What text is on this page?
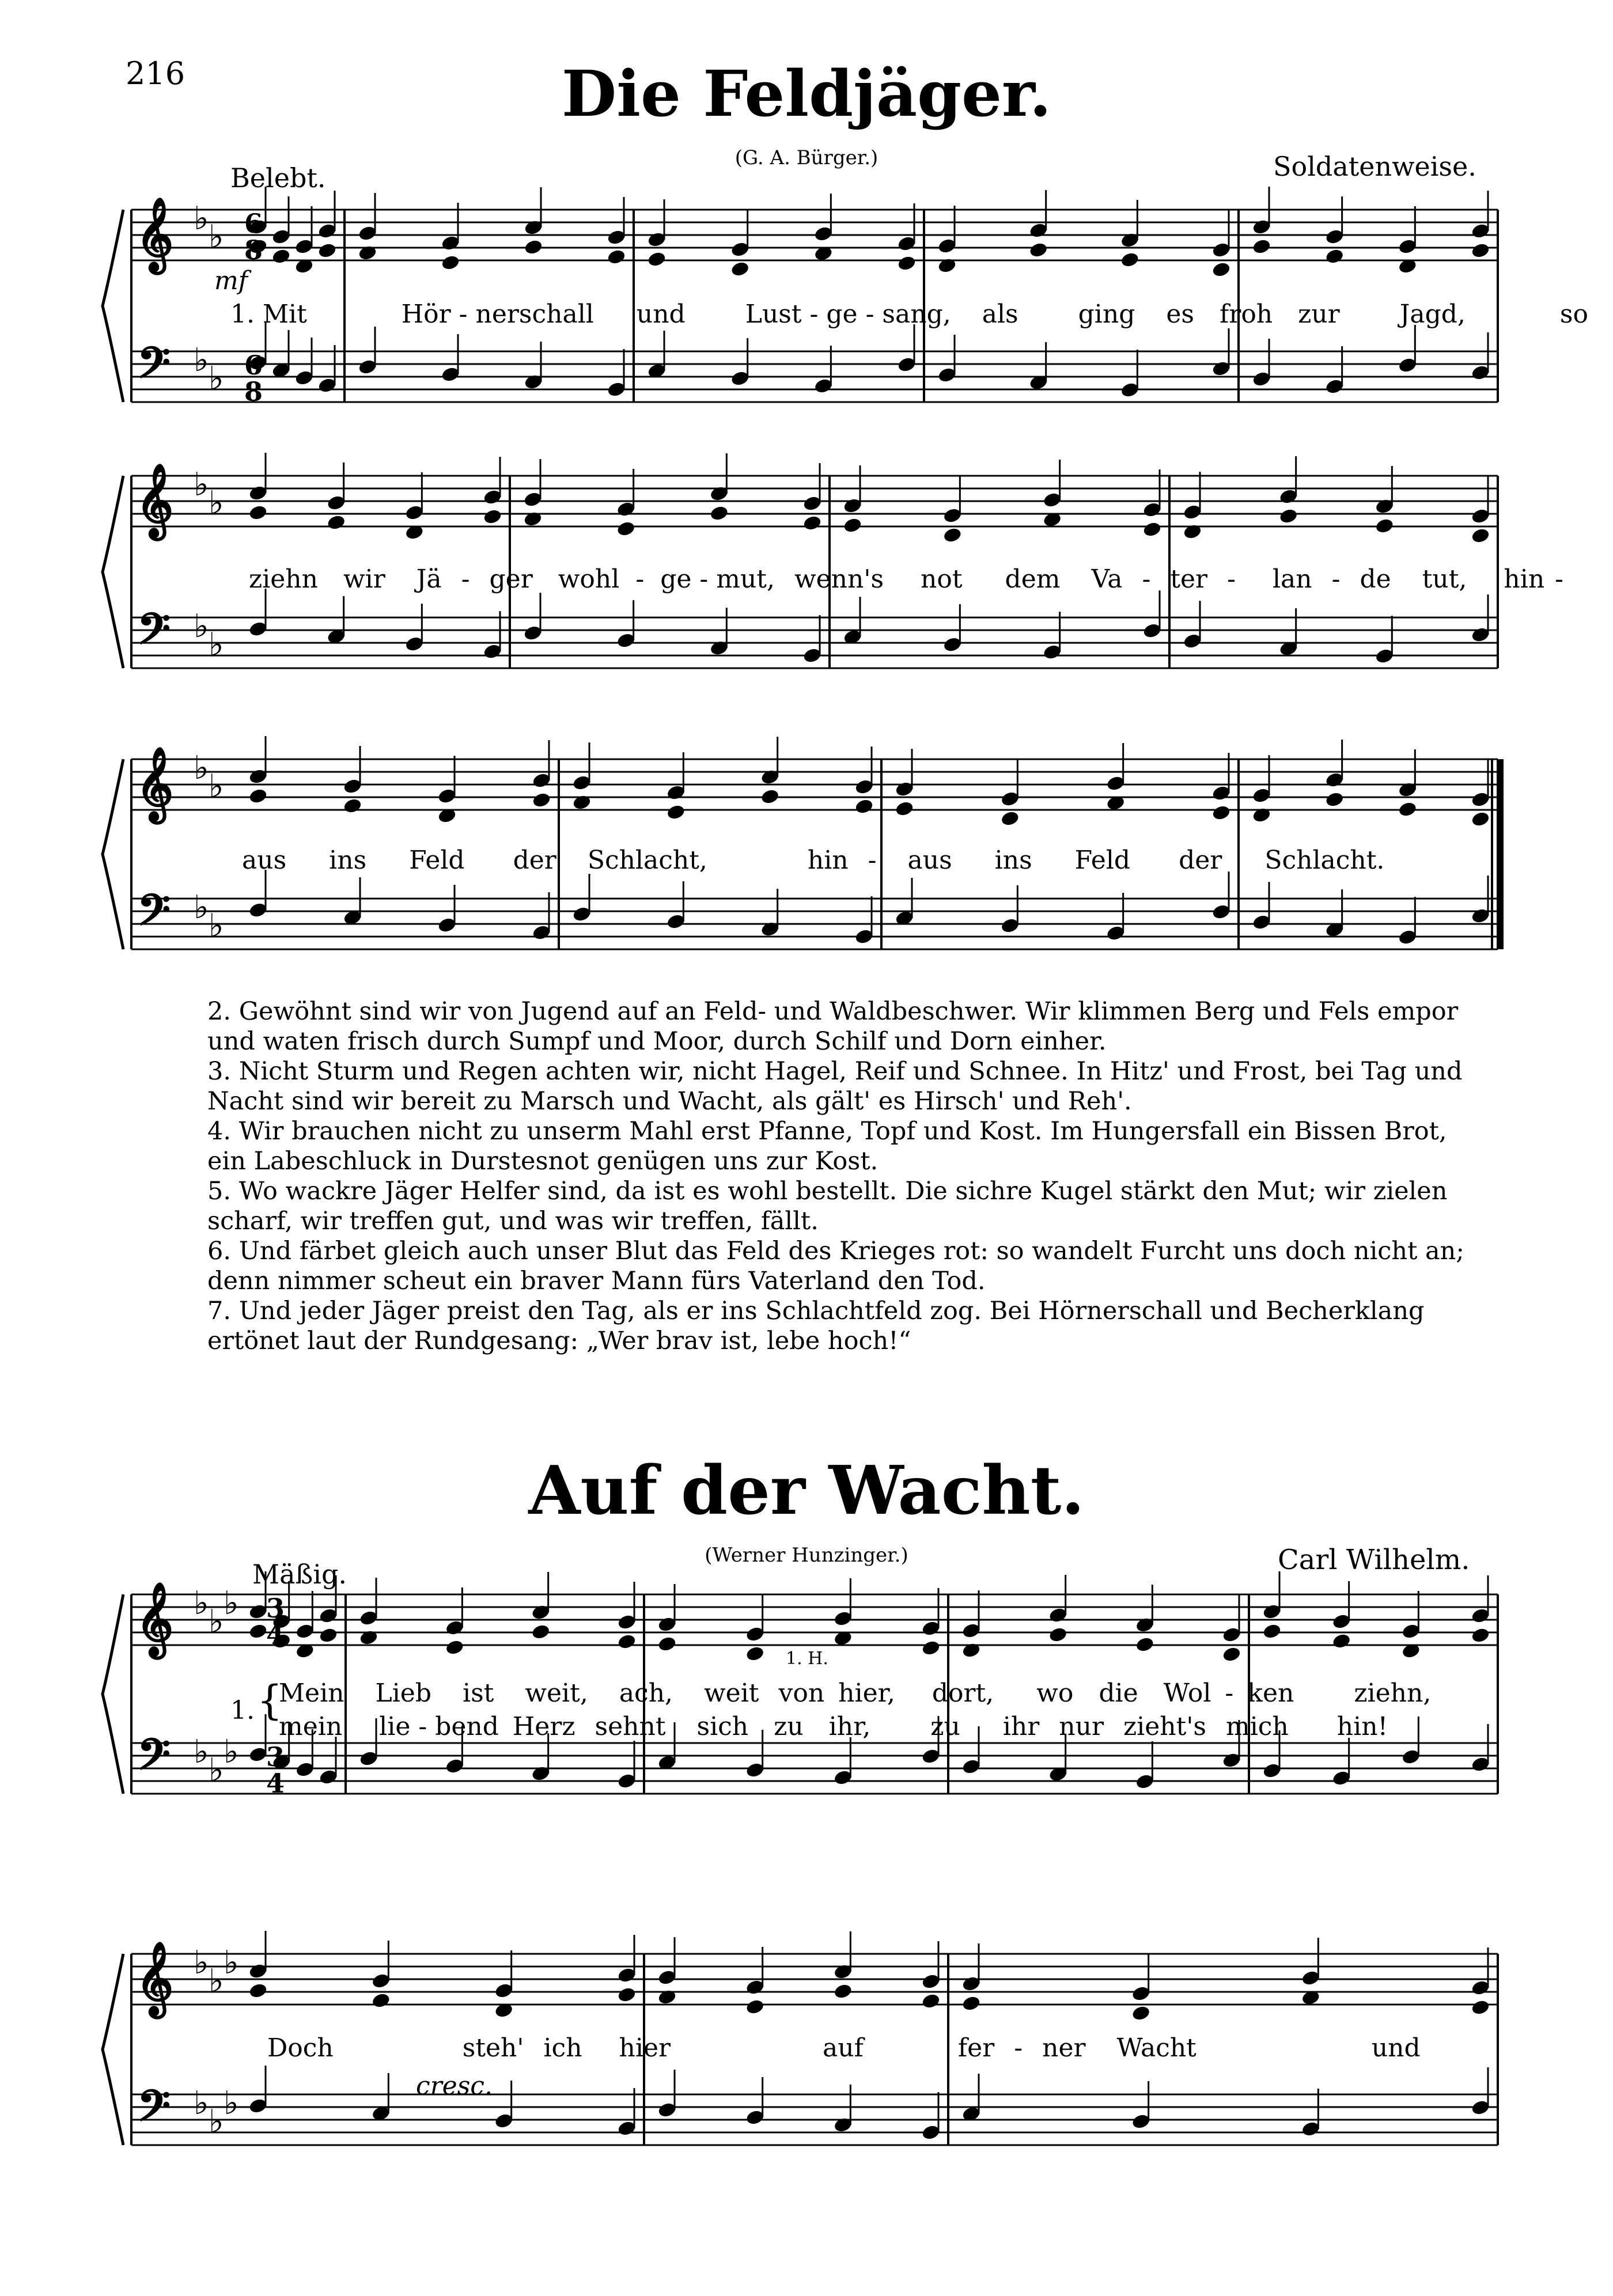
216	Die Feldjäger.
(G. A. Bürger.)
Belebt.	Soldatenweise.
𝄞
𝄢
𝄞
𝄢
𝄞
𝄢
𝄞
𝄢
𝄞
𝄢
6
8
6
8
3
4
3
4
♭ ♭
♭ ♭
♭ ♭
♭ ♭
♭ ♭
♭ ♭
♭ ♭ ♭
♭ ♭ ♭
♭ ♭ ♭
♭ ♭ ♭
mf
1. Mit	Hör - nerschall und Lust - ge - sang, als ging es froh zur Jagd,	so
ziehn wir Jä - ger wohl - ge - mut, wenn's not dem Va - ter - lan - de tut, hin -
aus ins Feld der Schlacht,	hin - aus ins Feld der Schlacht.

2. Gewöhnt sind wir von Jugend auf an Feld- und Waldbeschwer. Wir klimmen Berg und Fels empor und waten frisch durch Sumpf und Moor, durch Schilf und Dorn einher.

3. Nicht Sturm und Regen achten wir, nicht Hagel, Reif und Schnee. In Hitz' und Frost, bei Tag und Nacht sind wir bereit zu Marsch und Wacht, als gält' es Hirsch' und Reh'.

4. Wir brauchen nicht zu unserm Mahl erst Pfanne, Topf und Kost. Im Hungersfall ein Bissen Brot, ein Labeschluck in Durstesnot genügen uns zur Kost.

5. Wo wackre Jäger Helfer sind, da ist es wohl bestellt. Die sichre Kugel stärkt den Mut; wir zielen scharf, wir treffen gut, und was wir treffen, fällt.

6. Und färbet gleich auch unser Blut das Feld des Krieges rot: so wandelt Furcht uns doch nicht an; denn nimmer scheut ein braver Mann fürs Vaterland den Tod.

7. Und jeder Jäger preist den Tag, als er ins Schlachtfeld zog. Bei Hörnerschall und Becherklang ertönet laut der Rundgesang: „Wer brav ist, lebe hoch!“

Auf der Wacht.
(Werner Hunzinger.)
Mäßig.	Carl Wilhelm.
1. H.
1. {
Mein Lieb ist weit, ach, weit von hier, dort, wo die Wol - ken ziehn,
mein lie - bend Herz sehnt sich zu ihr, zu ihr nur zieht's mich hin!
Doch	steh' ich hier	auf	fer - ner Wacht	und
cresc.
